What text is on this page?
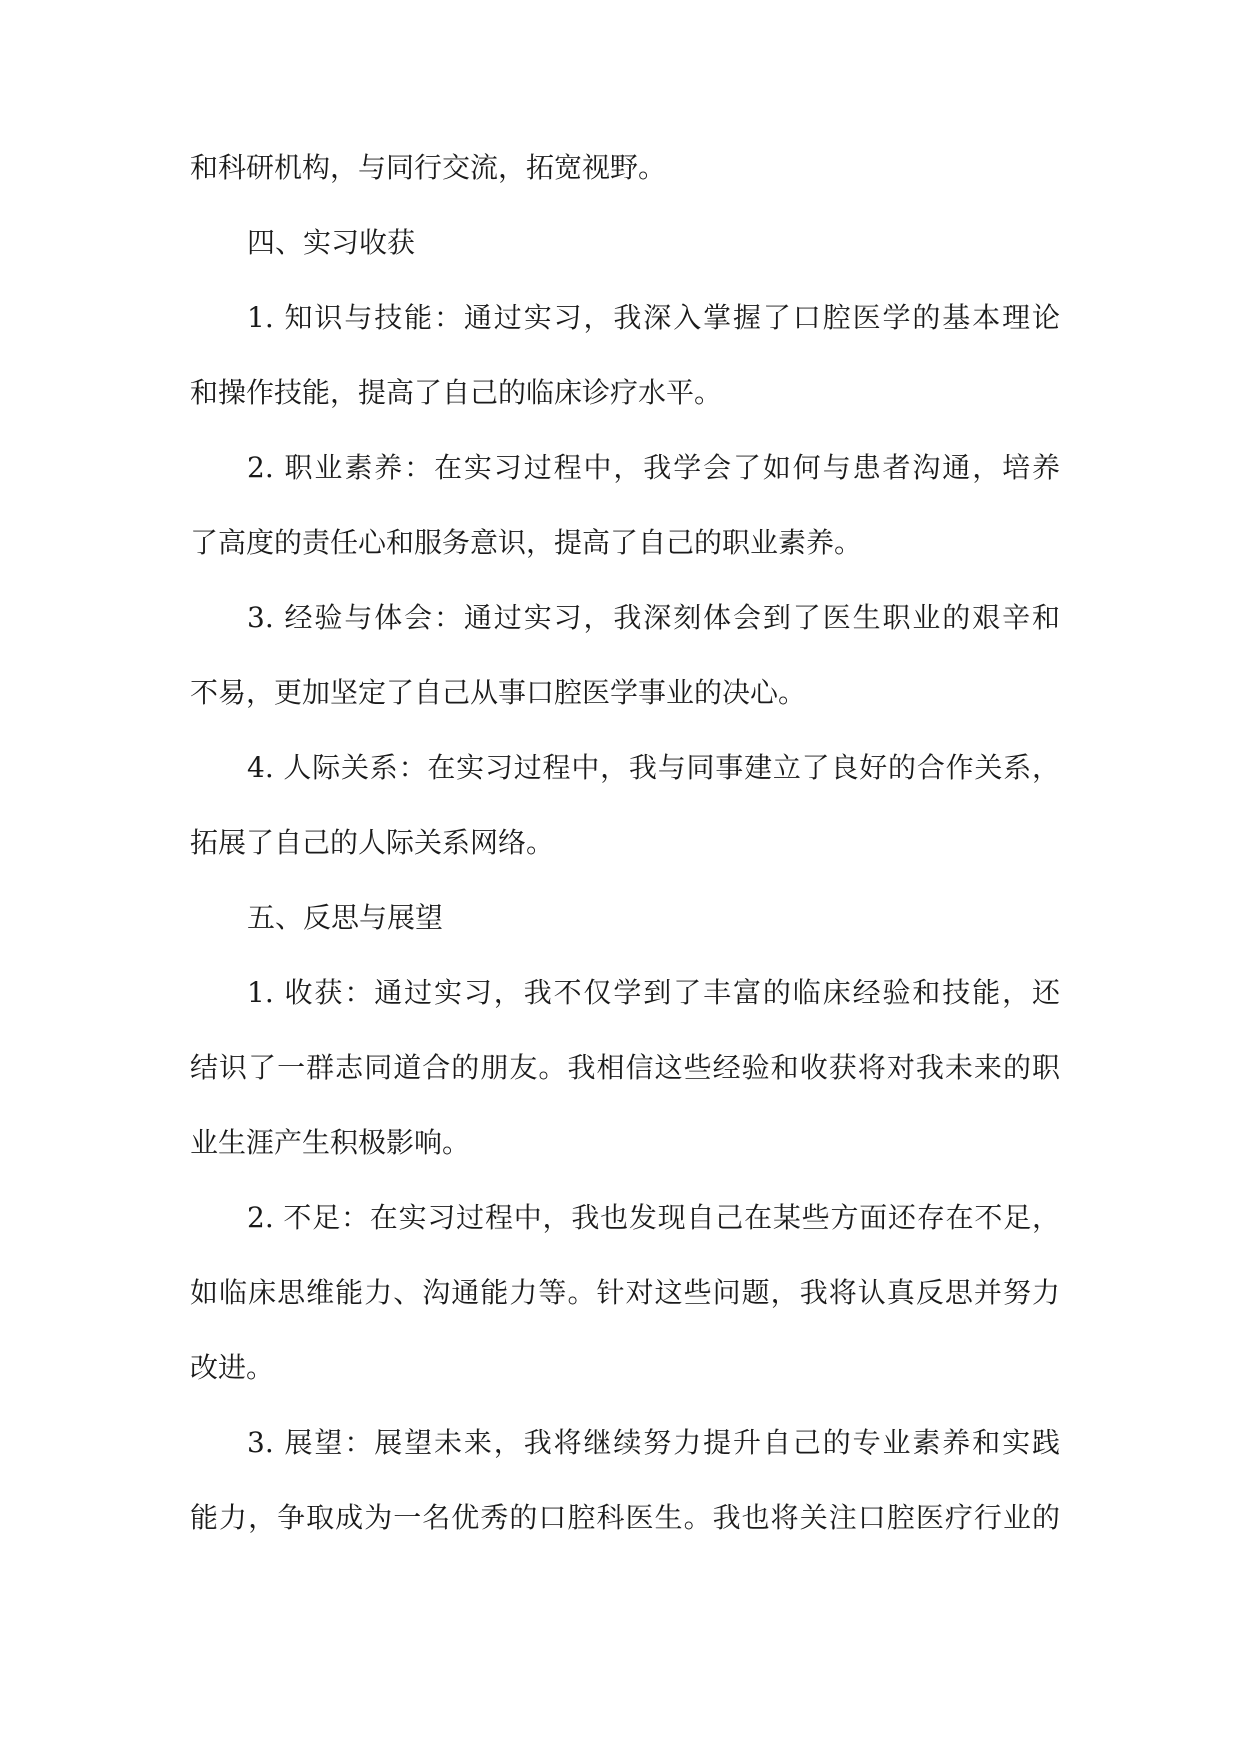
和科研机构，与同行交流，拓宽视野。
四、实习收获
1. 知识与技能：通过实习，我深入掌握了口腔医学的基本理论
和操作技能，提高了自己的临床诊疗水平。
2. 职业素养：在实习过程中，我学会了如何与患者沟通，培养
了高度的责任心和服务意识，提高了自己的职业素养。
3. 经验与体会：通过实习，我深刻体会到了医生职业的艰辛和
不易，更加坚定了自己从事口腔医学事业的决心。
4. 人际关系：在实习过程中，我与同事建立了良好的合作关系，
拓展了自己的人际关系网络。
五、反思与展望
1. 收获：通过实习，我不仅学到了丰富的临床经验和技能，还
结识了一群志同道合的朋友。我相信这些经验和收获将对我未来的职
业生涯产生积极影响。
2. 不足：在实习过程中，我也发现自己在某些方面还存在不足，
如临床思维能力、沟通能力等。针对这些问题，我将认真反思并努力
改进。
3. 展望：展望未来，我将继续努力提升自己的专业素养和实践
能力，争取成为一名优秀的口腔科医生。我也将关注口腔医疗行业的
